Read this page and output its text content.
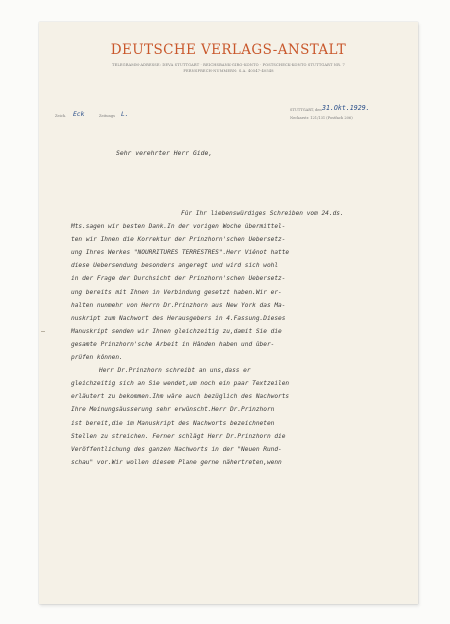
DEUTSCHE VERLAGS-ANSTALT
TELEGRAMM-ADRESSE: DEVA STUTTGART · REICHSBANK-GIRO-KONTO · POSTSCHECK-KONTO STUTTGART NR. 7
FERNSPRECH-NUMMERN: S.A. 40547-40548
Zeich. Eck	Zeitungs L.
STUTTGART, den 31.Okt.1929.
Neckarstr. 121/131 (Postfach 206)
Sehr verehrter Herr Gide,
Für Ihr liebenswürdiges Schreiben vom 24.ds.
Mts.sagen wir besten Dank.In der vorigen Woche übermittel-
ten wir Ihnen die Korrektur der Prinzhorn'schen Uebersetz-
ung Ihres Werkes "NOURRITURES TERRESTRES".Herr Viénot hatte
diese Uebersendung besonders angeregt und wird sich wohl
in der Frage der Durchsicht der Prinzhorn'schen Uebersetz-
ung bereits mit Ihnen in Verbindung gesetzt haben.Wir er-
halten nunmehr von Herrn Dr.Prinzhorn aus New York das Ma-
nuskript zum Nachwort des Herausgebers in 4.Fassung.Dieses
Manuskript senden wir Ihnen gleichzeitig zu,damit Sie die
gesamte Prinzhorn'sche Arbeit in Händen haben und über-
prüfen können.
Herr Dr.Prinzhorn schreibt an uns,dass er
gleichzeitig sich an Sie wendet,um noch ein paar Textzeilen
erläutert zu bekommen.Ihm wäre auch bezüglich des Nachworts
Ihre Meinungsäusserung sehr erwünscht.Herr Dr.Prinzhorn
ist bereit,die im Manuskript des Nachworts bezeichneten
Stellen zu streichen. Ferner schlägt Herr Dr.Prinzhorn die
Veröffentlichung des ganzen Nachworts in der "Neuen Rund-
schau" vor.Wir wollen diesem Plane gerne nähertreten,wenn
